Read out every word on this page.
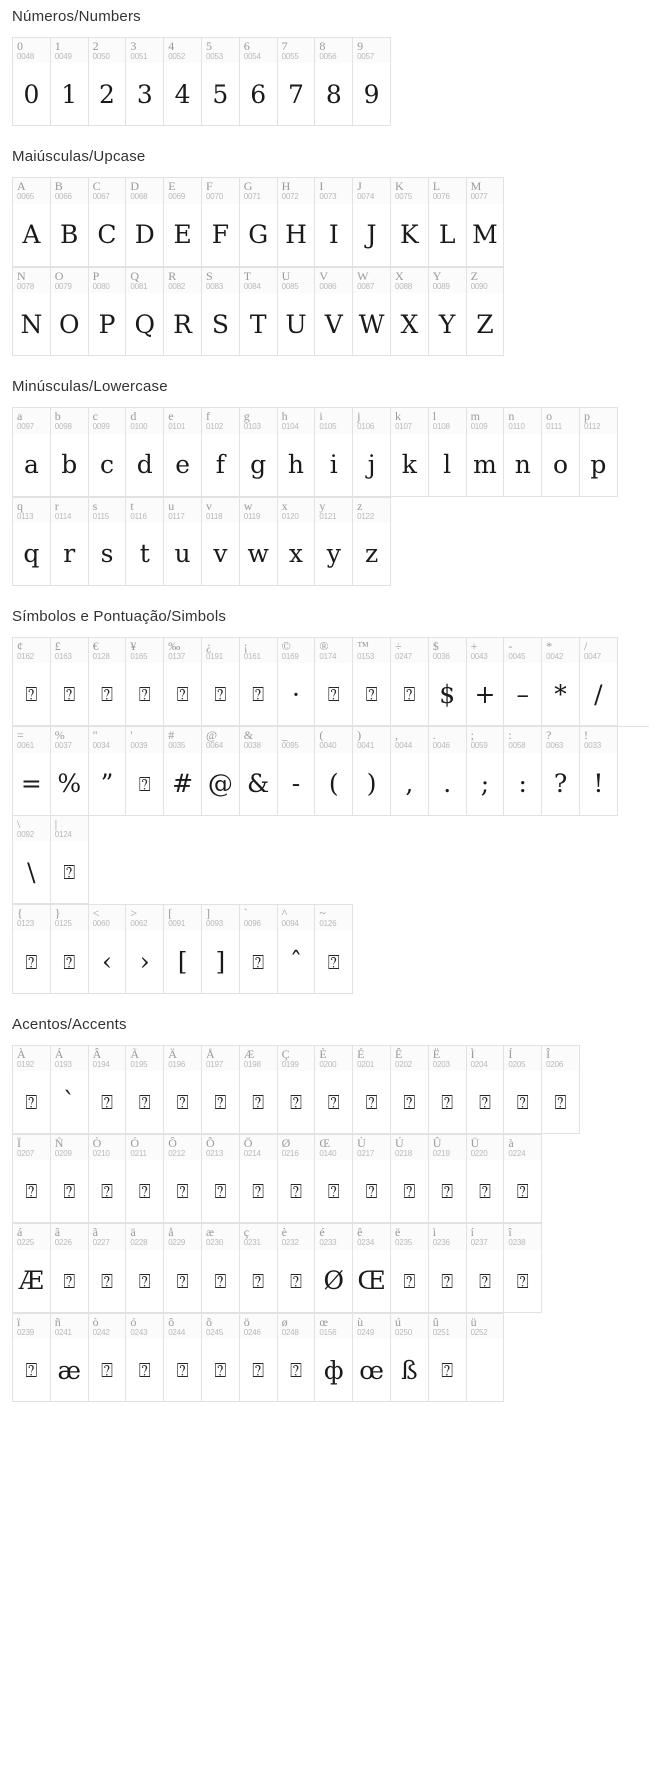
Números/Numbers
0
0048
0
1
0049
1
2
0050
2
3
0051
3
4
0052
4
5
0053
5
6
0054
6
7
0055
7
8
0056
8
9
0057
9
Maiúsculas/Upcase
A
0065
A
B
0066
B
C
0067
C
D
0068
D
E
0069
E
F
0070
F
G
0071
G
H
0072
H
I
0073
I
J
0074
J
K
0075
K
L
0076
L
M
0077
M
N
0078
N
O
0079
O
P
0080
P
Q
0081
Q
R
0082
R
S
0083
S
T
0084
T
U
0085
U
V
0086
V
W
0087
W
X
0088
X
Y
0089
Y
Z
0090
Z
Minúsculas/Lowercase
a
0097
a
b
0098
b
c
0099
c
d
0100
d
e
0101
e
f
0102
f
g
0103
g
h
0104
h
i
0105
i
j
0106
j
k
0107
k
l
0108
l
m
0109
m
n
0110
n
o
0111
o
p
0112
p
q
0113
q
r
0114
r
s
0115
s
t
0116
t
u
0117
u
v
0118
v
w
0119
w
x
0120
x
y
0121
y
z
0122
z
Símbolos e Pontuação/Simbols
¢
0162
⍰
£
0163
⍰
€
0128
⍰
¥
0165
⍰
‰
0137
⍰
¿
0191
⍰
¡
0161
⍰
©
0169
·
®
0174
⍰
™
0153
⍰
÷
0247
⍰
$
0036
$
+
0043
+
-
0045
–
*
0042
*
/
0047
/
=
0061
=
%
0037
%
"
0034
”
'
0039
⍰
#
0035
#
@
0064
@
&
0038
&
_
0095
-
(
0040
(
)
0041
)
,
0044
,
.
0046
.
;
0059
;
:
0058
:
?
0063
?
!
0033
!
\
0092
\
|
0124
⍰
{
0123
⍰
}
0125
⍰
<
0060
‹
>
0062
›
[
0091
[
]
0093
]
`
0096
⍰
^
0094
ˆ
~
0126
⍰
Acentos/Accents
À
0192
⍰
Á
0193
`
Â
0194
⍰
Ã
0195
⍰
Ä
0196
⍰
Å
0197
⍰
Æ
0198
⍰
Ç
0199
⍰
È
0200
⍰
É
0201
⍰
Ê
0202
⍰
Ë
0203
⍰
Ì
0204
⍰
Í
0205
⍰
Î
0206
⍰
Ï
0207
⍰
Ñ
0209
⍰
Ò
0210
⍰
Ó
0211
⍰
Ô
0212
⍰
Õ
0213
⍰
Ö
0214
⍰
Ø
0216
⍰
Œ
0140
⍰
Ù
0217
⍰
Ú
0218
⍰
Û
0219
⍰
Ü
0220
⍰
à
0224
⍰
á
0225
Æ
â
0226
⍰
ã
0227
⍰
ä
0228
⍰
å
0229
⍰
æ
0230
⍰
ç
0231
⍰
è
0232
⍰
é
0233
Ø
ê
0234
Œ
ë
0235
⍰
ì
0236
⍰
í
0237
⍰
î
0238
⍰
ï
0239
⍰
ñ
0241
æ
ò
0242
⍰
ó
0243
⍰
ô
0244
⍰
õ
0245
⍰
ö
0246
⍰
ø
0248
⍰
œ
0156
ф
ù
0249
œ
ú
0250
ß
û
0251
⍰
ü
0252
